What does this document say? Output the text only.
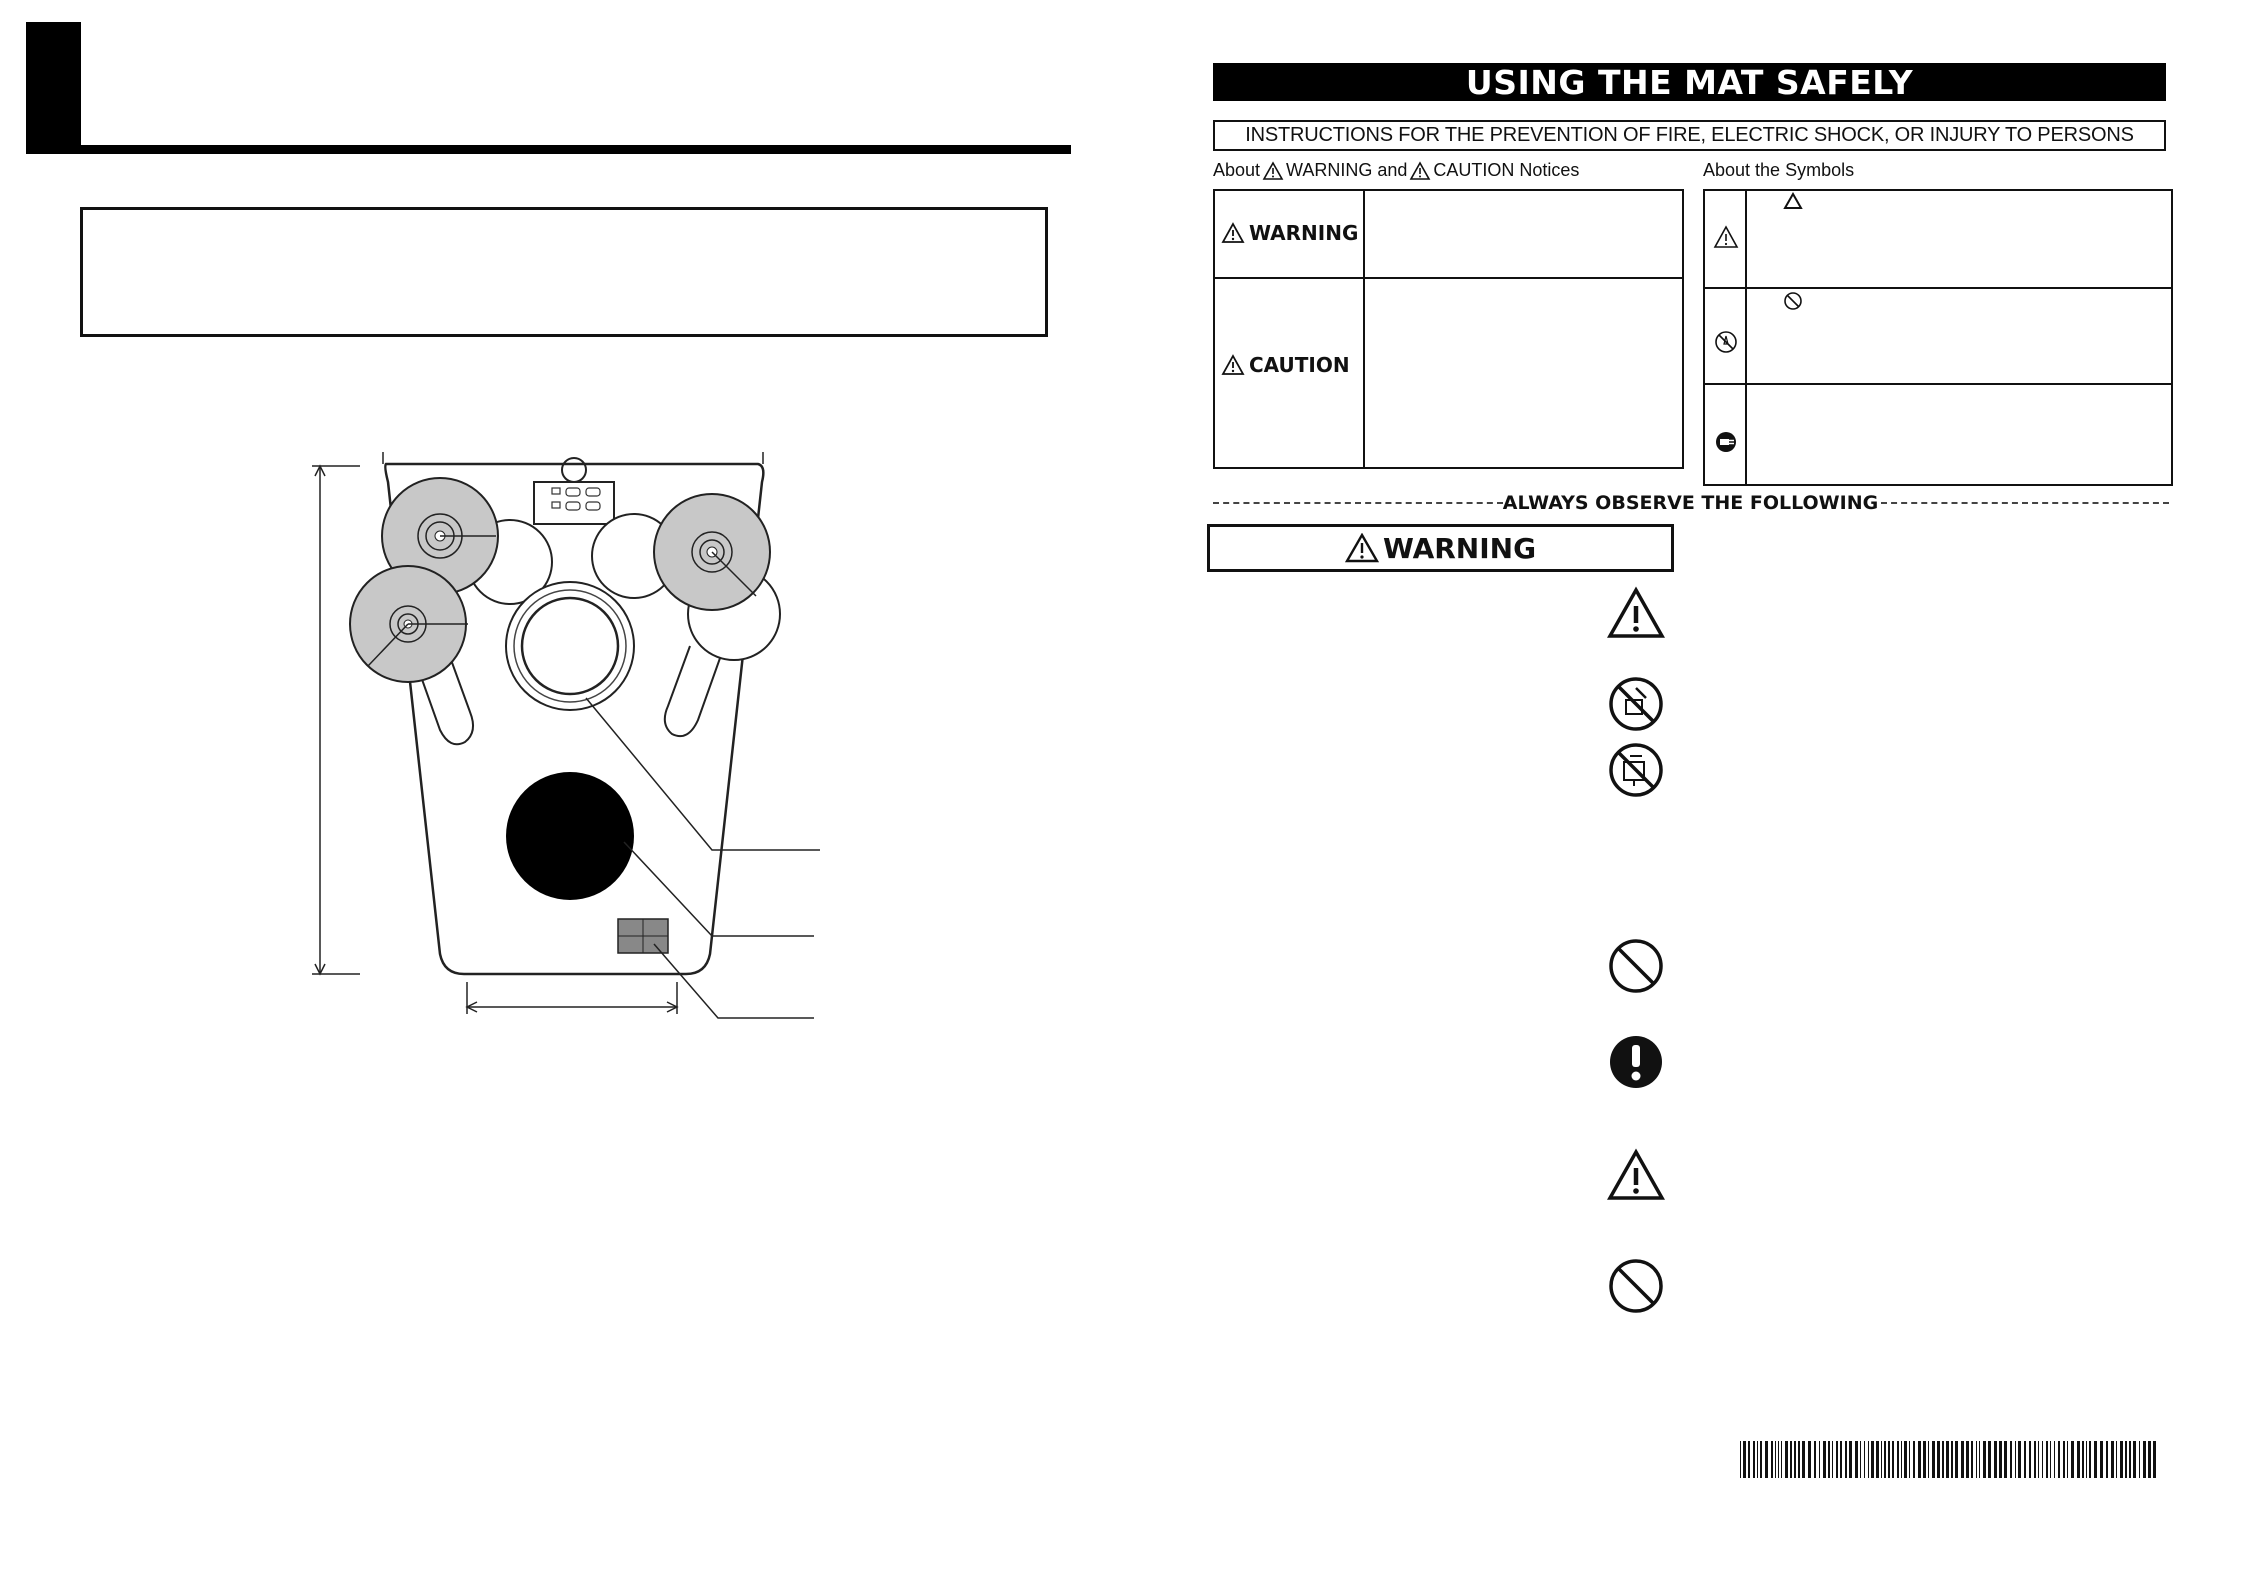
USING THE MAT SAFELY
INSTRUCTIONS FOR THE PREVENTION OF FIRE, ELECTRIC SHOCK, OR INJURY TO PERSONS
About WARNING and CAUTION Notices	About the Symbols
WARNING
CAUTION
ALWAYS OBSERVE THE FOLLOWING
WARNING
